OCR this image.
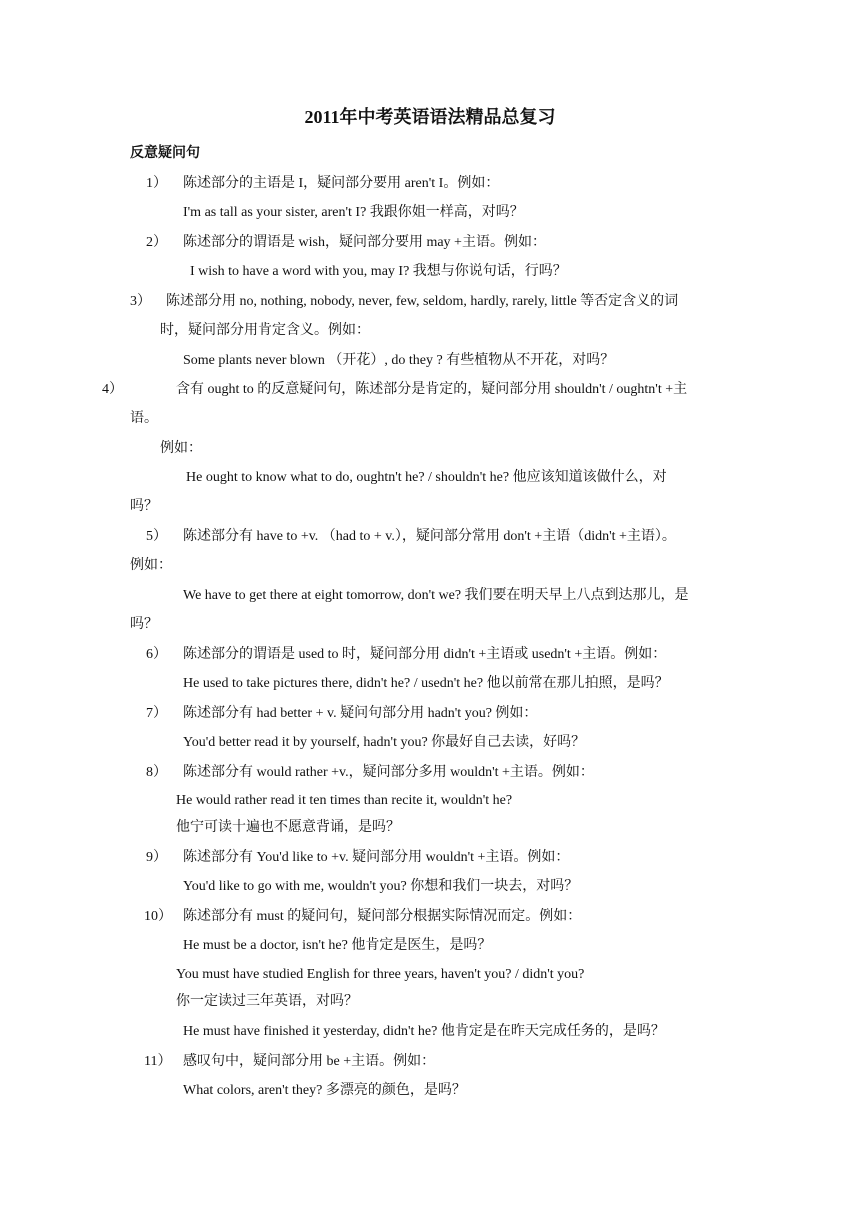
2011年中考英语语法精品总复习
反意疑问句
1） 陈述部分的主语是 I，疑问部分要用 aren't I。例如：
I'm as tall as your sister, aren't I? 我跟你姐一样高，对吗？
2） 陈述部分的谓语是 wish，疑问部分要用 may +主语。例如：
I wish to have a word with you, may I? 我想与你说句话，行吗？
3） 陈述部分用 no, nothing, nobody, never, few, seldom, hardly, rarely, little 等否定含义的词
时，疑问部分用肯定含义。例如：
Some plants never blown （开花）, do they ? 有些植物从不开花，对吗？
4）	含有 ought to 的反意疑问句，陈述部分是肯定的，疑问部分用 shouldn't / oughtn't +主
语。
例如：
He ought to know what to do, oughtn't he? / shouldn't he? 他应该知道该做什么，对
吗？
5） 陈述部分有 have to +v. （had to + v.），疑问部分常用 don't +主语（didn't +主语）。
例如：
We have to get there at eight tomorrow, don't we? 我们要在明天早上八点到达那儿，是
吗？
6） 陈述部分的谓语是 used to 时，疑问部分用 didn't +主语或 usedn't +主语。例如：
He used to take pictures there, didn't he? / usedn't he? 他以前常在那儿拍照，是吗？
7） 陈述部分有 had better + v. 疑问句部分用 hadn't you? 例如：
You'd better read it by yourself, hadn't you? 你最好自己去读，好吗？
8） 陈述部分有 would rather +v.，疑问部分多用 wouldn't +主语。例如：
He would rather read it ten times than recite it, wouldn't he?
他宁可读十遍也不愿意背诵，是吗？
9） 陈述部分有 You'd like to +v. 疑问部分用 wouldn't +主语。例如：
You'd like to go with me, wouldn't you? 你想和我们一块去，对吗？
10） 陈述部分有 must 的疑问句，疑问部分根据实际情况而定。例如：
He must be a doctor, isn't he? 他肯定是医生，是吗？
You must have studied English for three years, haven't you? / didn't you?
你一定读过三年英语，对吗？
He must have finished it yesterday, didn't he? 他肯定是在昨天完成任务的，是吗？
11） 感叹句中，疑问部分用 be +主语。例如：
What colors, aren't they? 多漂亮的颜色，是吗？
